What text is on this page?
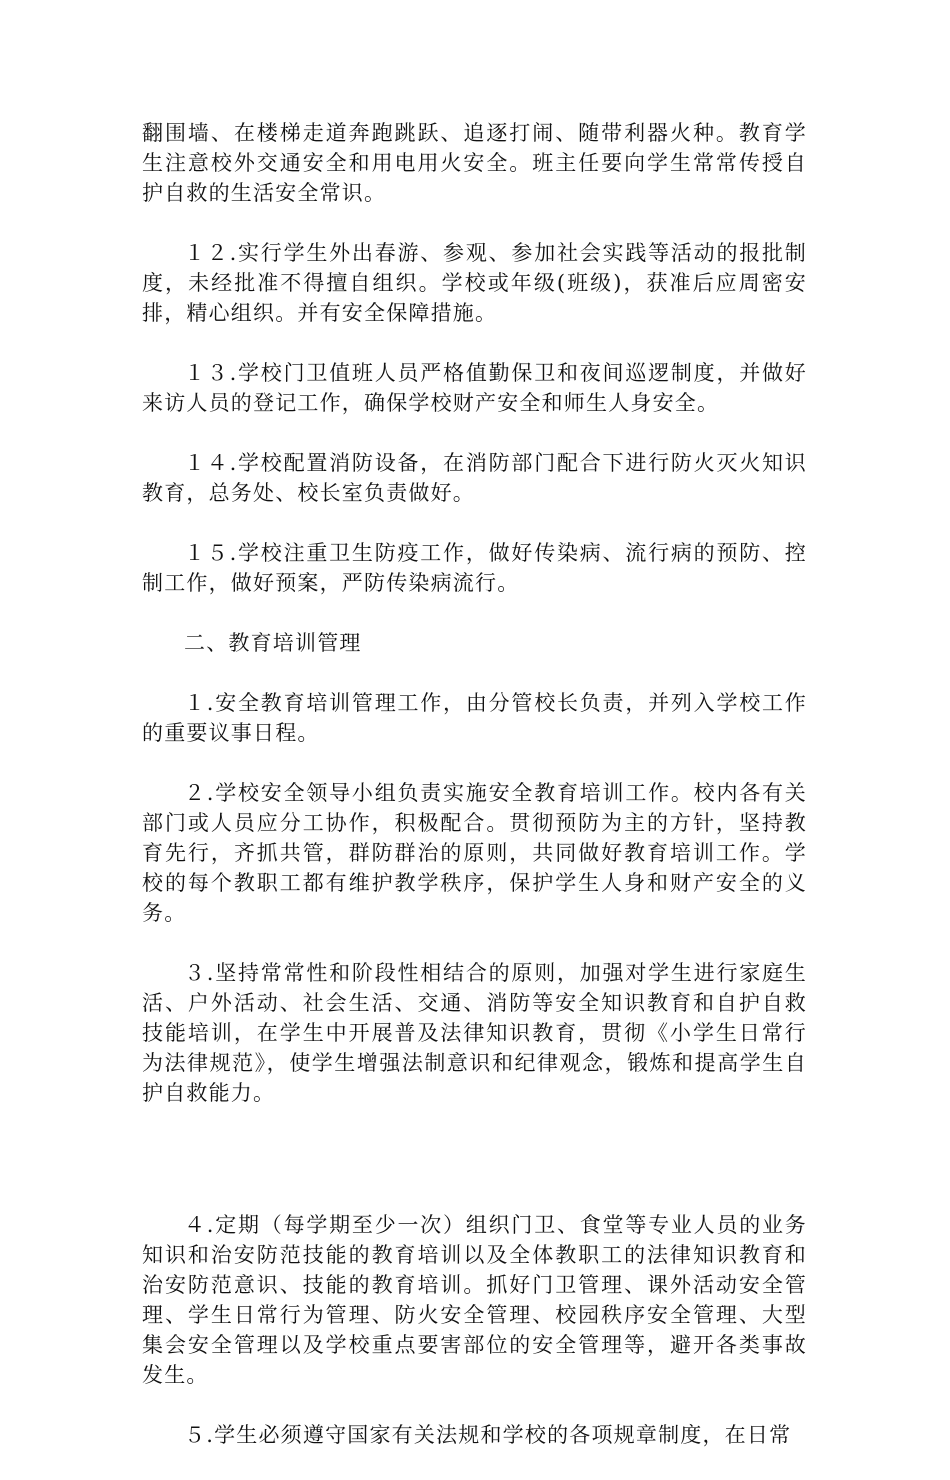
翻围墙、在楼梯走道奔跑跳跃、追逐打闹、随带利器火种。教育学生注意校外交通安全和用电用火安全。班主任要向学生常常传授自护自救的生活安全常识。

１２.实行学生外出春游、参观、参加社会实践等活动的报批制度，未经批准不得擅自组织。学校或年级(班级)，获准后应周密安排，精心组织。并有安全保障措施。

１３.学校门卫值班人员严格值勤保卫和夜间巡逻制度，并做好来访人员的登记工作，确保学校财产安全和师生人身安全。

１４.学校配置消防设备，在消防部门配合下进行防火灭火知识教育，总务处、校长室负责做好。

１５.学校注重卫生防疫工作，做好传染病、流行病的预防、控制工作，做好预案，严防传染病流行。

二、教育培训管理

１.安全教育培训管理工作，由分管校长负责，并列入学校工作的重要议事日程。

２.学校安全领导小组负责实施安全教育培训工作。校内各有关部门或人员应分工协作，积极配合。贯彻预防为主的方针，坚持教育先行，齐抓共管，群防群治的原则，共同做好教育培训工作。学校的每个教职工都有维护教学秩序，保护学生人身和财产安全的义务。

３.坚持常常性和阶段性相结合的原则，加强对学生进行家庭生活、户外活动、社会生活、交通、消防等安全知识教育和自护自救技能培训，在学生中开展普及法律知识教育，贯彻《小学生日常行为法律规范》，使学生增强法制意识和纪律观念，锻炼和提高学生自护自救能力。

４.定期（每学期至少一次）组织门卫、食堂等专业人员的业务知识和治安防范技能的教育培训以及全体教职工的法律知识教育和治安防范意识、技能的教育培训。抓好门卫管理、课外活动安全管理、学生日常行为管理、防火安全管理、校园秩序安全管理、大型集会安全管理以及学校重点要害部位的安全管理等，避开各类事故发生。

５.学生必须遵守国家有关法规和学校的各项规章制度，在日常
